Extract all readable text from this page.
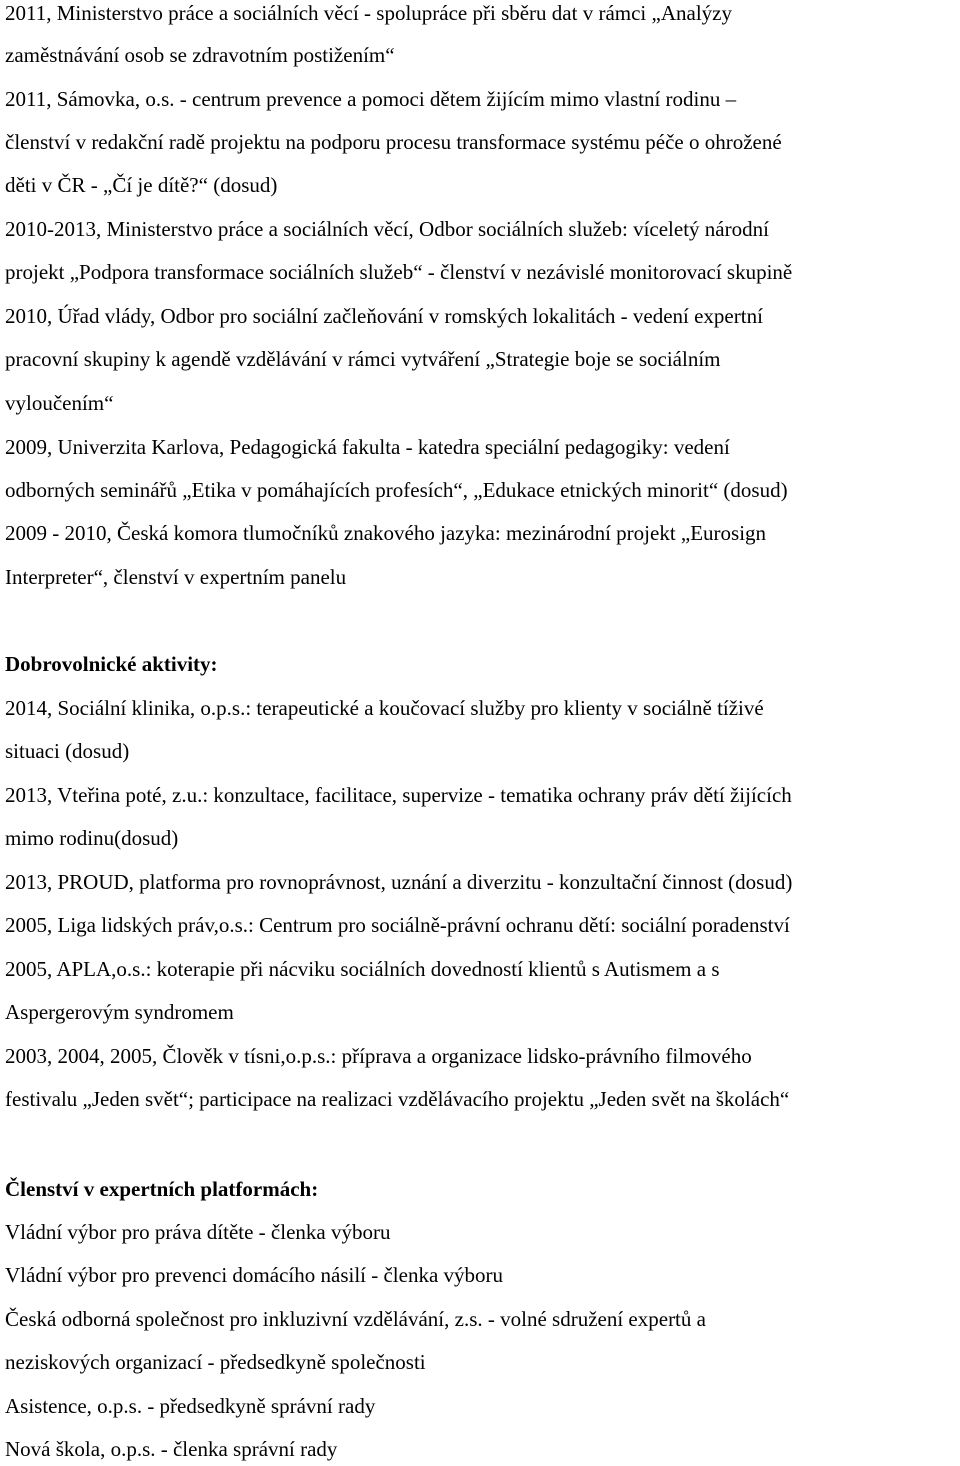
2011, Ministerstvo práce a sociálních věcí - spolupráce při sběru dat v rámci „Analýzy
zaměstnávání osob se zdravotním postižením“
2011, Sámovka, o.s. - centrum prevence a pomoci dětem žijícím mimo vlastní rodinu –
členství v redakční radě projektu na podporu procesu transformace systému péče o ohrožené
děti v ČR - „Čí je dítě?“ (dosud)
2010-2013, Ministerstvo práce a sociálních věcí, Odbor sociálních služeb: víceletý národní
projekt „Podpora transformace sociálních služeb“ - členství v nezávislé monitorovací skupině
2010, Úřad vlády, Odbor pro sociální začleňování v romských lokalitách - vedení expertní
pracovní skupiny k agendě vzdělávání v rámci vytváření „Strategie boje se sociálním
vyloučením“
2009, Univerzita Karlova, Pedagogická fakulta - katedra speciální pedagogiky: vedení
odborných seminářů „Etika v pomáhajících profesích“, „Edukace etnických minorit“ (dosud)
2009 - 2010, Česká komora tlumočníků znakového jazyka: mezinárodní projekt „Eurosign
Interpreter“, členství v expertním panelu
Dobrovolnické aktivity:
2014, Sociální klinika, o.p.s.: terapeutické a koučovací služby pro klienty v sociálně tíživé
situaci (dosud)
2013, Vteřina poté, z.u.: konzultace, facilitace, supervize - tematika ochrany práv dětí žijících
mimo rodinu(dosud)
2013, PROUD, platforma pro rovnoprávnost, uznání a diverzitu - konzultační činnost (dosud)
2005, Liga lidských práv,o.s.: Centrum pro sociálně-právní ochranu dětí: sociální poradenství
2005, APLA,o.s.: koterapie při nácviku sociálních dovedností klientů s Autismem a s
Aspergerovým syndromem
2003, 2004, 2005, Člověk v tísni,o.p.s.: příprava a organizace lidsko-právního filmového
festivalu „Jeden svět“; participace na realizaci vzdělávacího projektu „Jeden svět na školách“
Členství v expertních platformách:
Vládní výbor pro práva dítěte - členka výboru
Vládní výbor pro prevenci domácího násilí - členka výboru
Česká odborná společnost pro inkluzivní vzdělávání, z.s. - volné sdružení expertů a
neziskových organizací - předsedkyně společnosti
Asistence, o.p.s. - předsedkyně správní rady
Nová škola, o.p.s. - členka správní rady
